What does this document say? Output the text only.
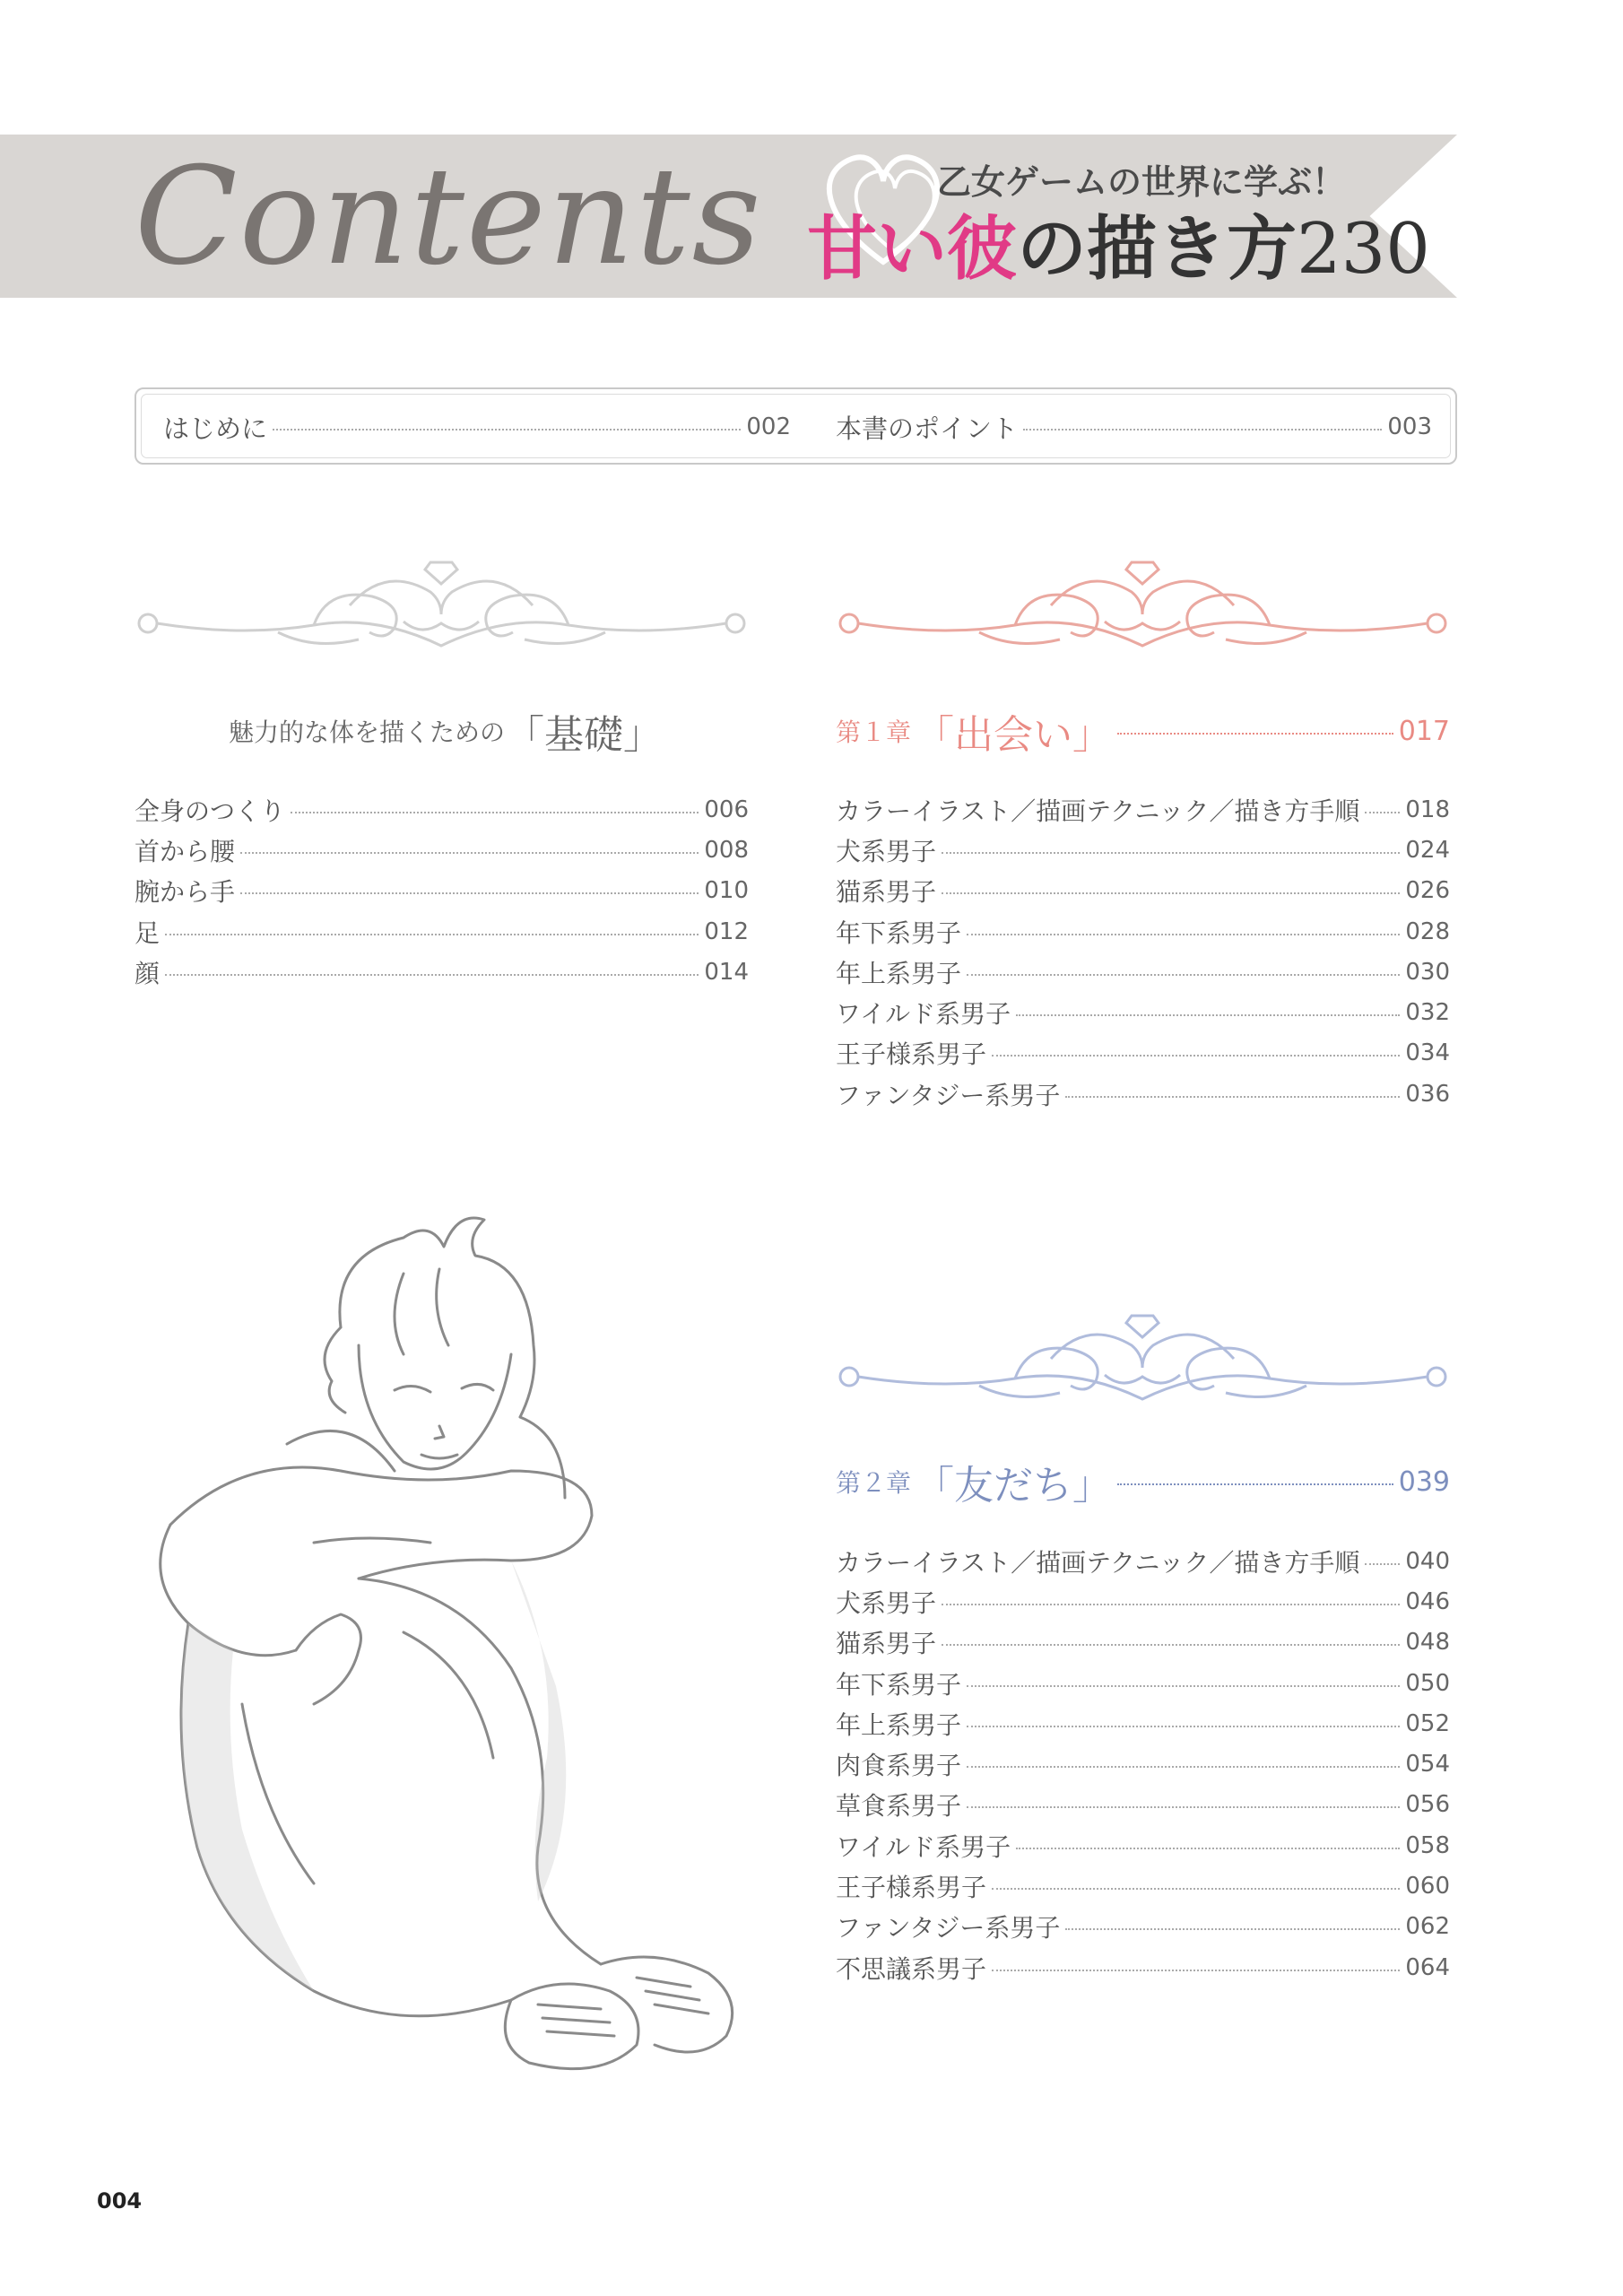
Contents	乙女ゲームの世界に学ぶ！
甘い彼の描き方230
はじめに	002 本書のポイント	003
魅力的な体を描くための 「 基礎 」
全身のつくり	006
首から腰	008
腕から手	010
足	012
顔	014
第１章 「 出会い 」	017
カラーイラスト／描画テクニック／描き方手順 018
犬系男子	024
猫系男子	026
年下系男子	028
年上系男子	030
ワイルド系男子	032
王子様系男子	034
ファンタジー系男子	036
第２章 「 友だち 」	039
カラーイラスト／描画テクニック／描き方手順 040
犬系男子	046
猫系男子	048
年下系男子	050
年上系男子	052
肉食系男子	054
草食系男子	056
ワイルド系男子	058
王子様系男子	060
ファンタジー系男子	062
不思議系男子	064
004
